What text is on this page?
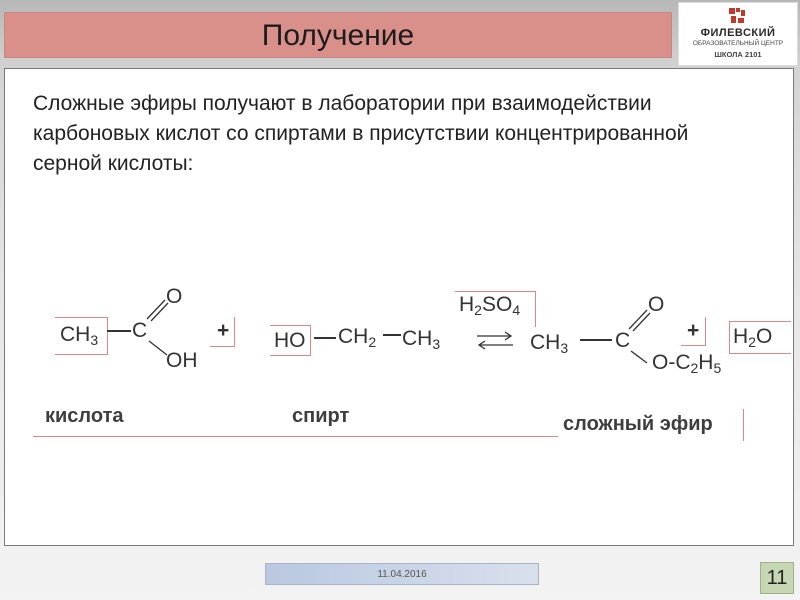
Получение	ФИЛЕВСКИЙ
ОБРАЗОВАТЕЛЬНЫЙ ЦЕНТР
ШКОЛА 2101
Сложные эфиры получают в лаборатории при взаимодействии карбоновых кислот со спиртами в присутствии концентрированной серной кислоты:
$CH_3$ C
O
OH
+ HO $CH_2$ $CH_3$
$H_2SO_4$
⇌ $CH_3$ C
O
$O-C_2H_5$
+ $H_2O$
кислота	спирт	сложный эфир
11.04.2016	11
